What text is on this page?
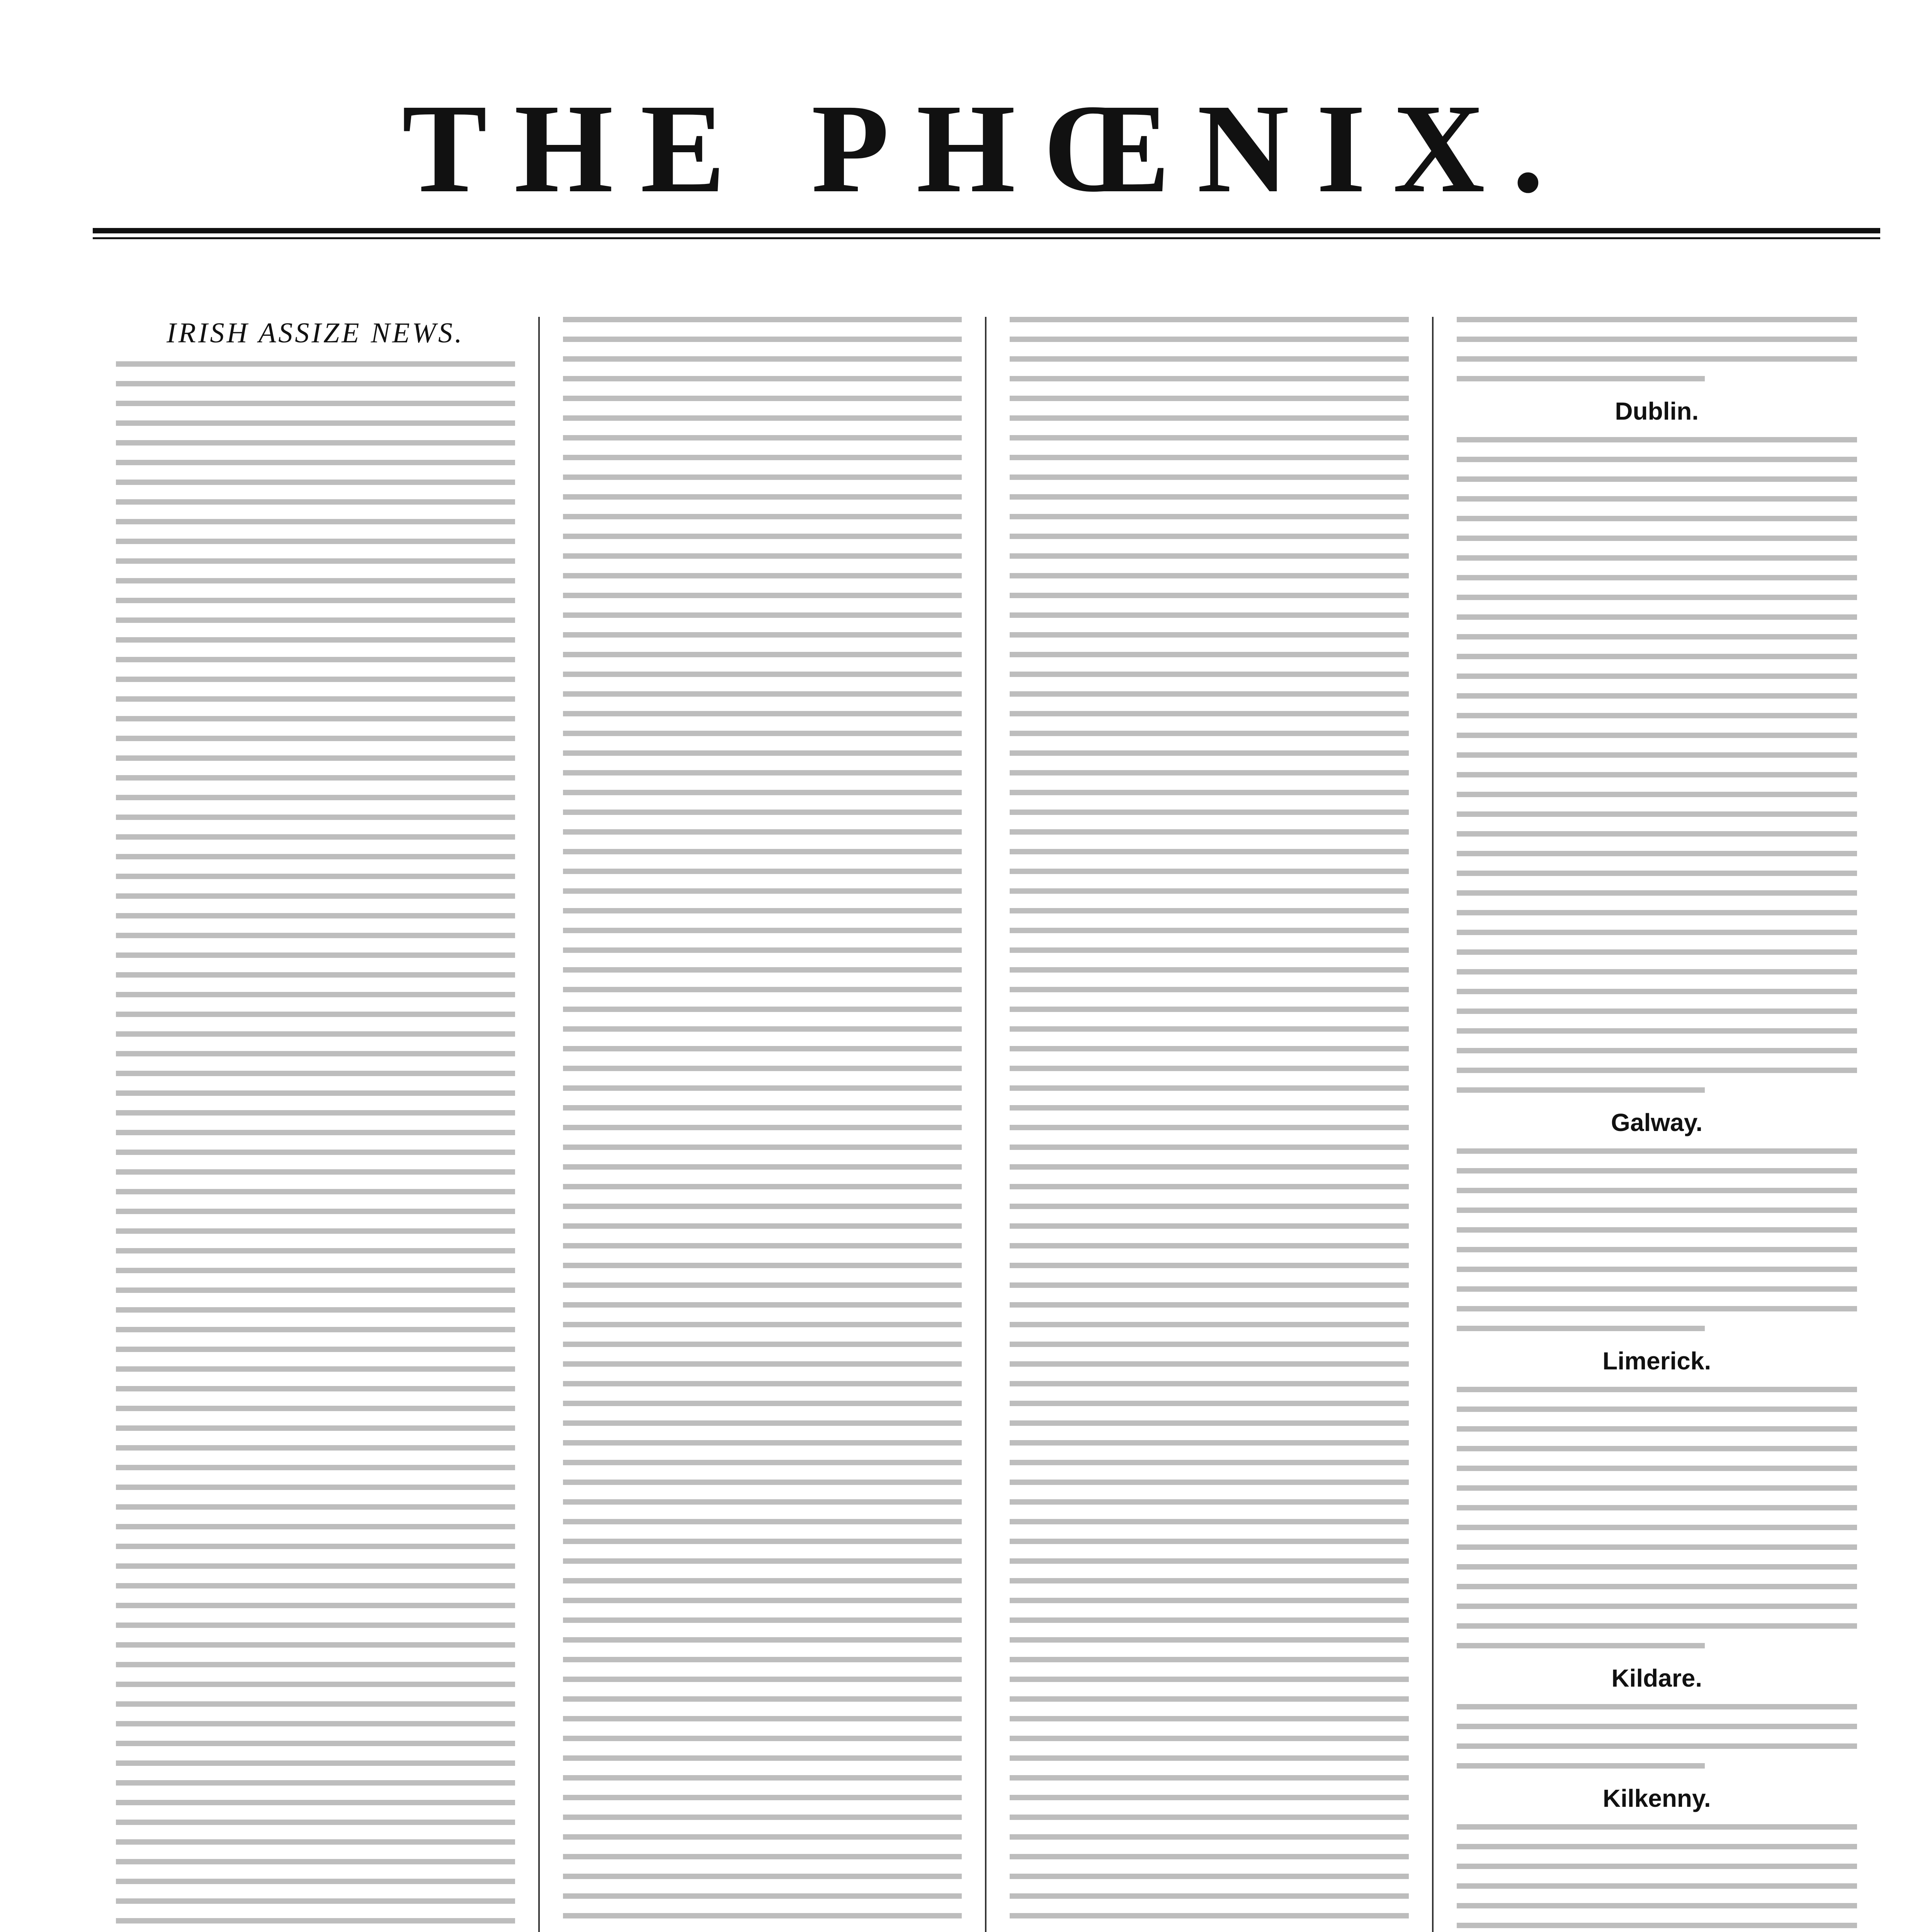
THE PHŒNIX.
IRISH ASSIZE NEWS.
Dublin.
Galway.
Limerick.
Kildare.
Kilkenny.
